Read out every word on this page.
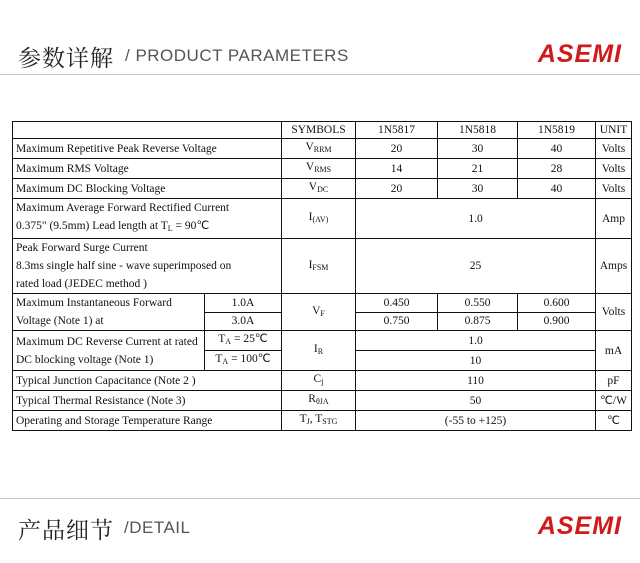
参数详解 / PRODUCT PARAMETERS	ASEMI
		SYMBOLS	1N5817	1N5818	1N5819	UNIT
Maximum Repetitive Peak Reverse Voltage		$V_{RRM}$	20	30	40	Volts
Maximum RMS Voltage		$V_{RMS}$	14	21	28	Volts
Maximum DC Blocking Voltage		$V_{DC}$	20	30	40	Volts

Maximum Average Forward Rectified Current
0.375" (9.5mm) Lead length at $T_L$ = 90℃		$I_{(AV)}$	1.0			Amp

Peak Forward Surge Current
8.3ms single half sine - wave superimposed on
rated load (JEDEC method )		$I_{FSM}$	25			Amps

Maximum Instantaneous Forward
Voltage (Note 1) at	1.0A	$V_F$	0.450	0.550	0.600	Volts
	3.0A		0.750	0.875	0.900	

Maximum DC Reverse Current at rated
DC blocking voltage (Note 1)	$T_A$ = 25℃	$I_R$	1.0			mA
	$T_A$ = 100℃		10			
Typical Junction Capacitance (Note 2 )		$C_j$	110			pF
Typical Thermal Resistance (Note 3)		$R_{\theta JA}$	50			℃/W
Operating and Storage Temperature Range		$T_J$, $T_{STG}$	(-55 to +125)			℃
产品细节 /DETAIL	ASEMI
